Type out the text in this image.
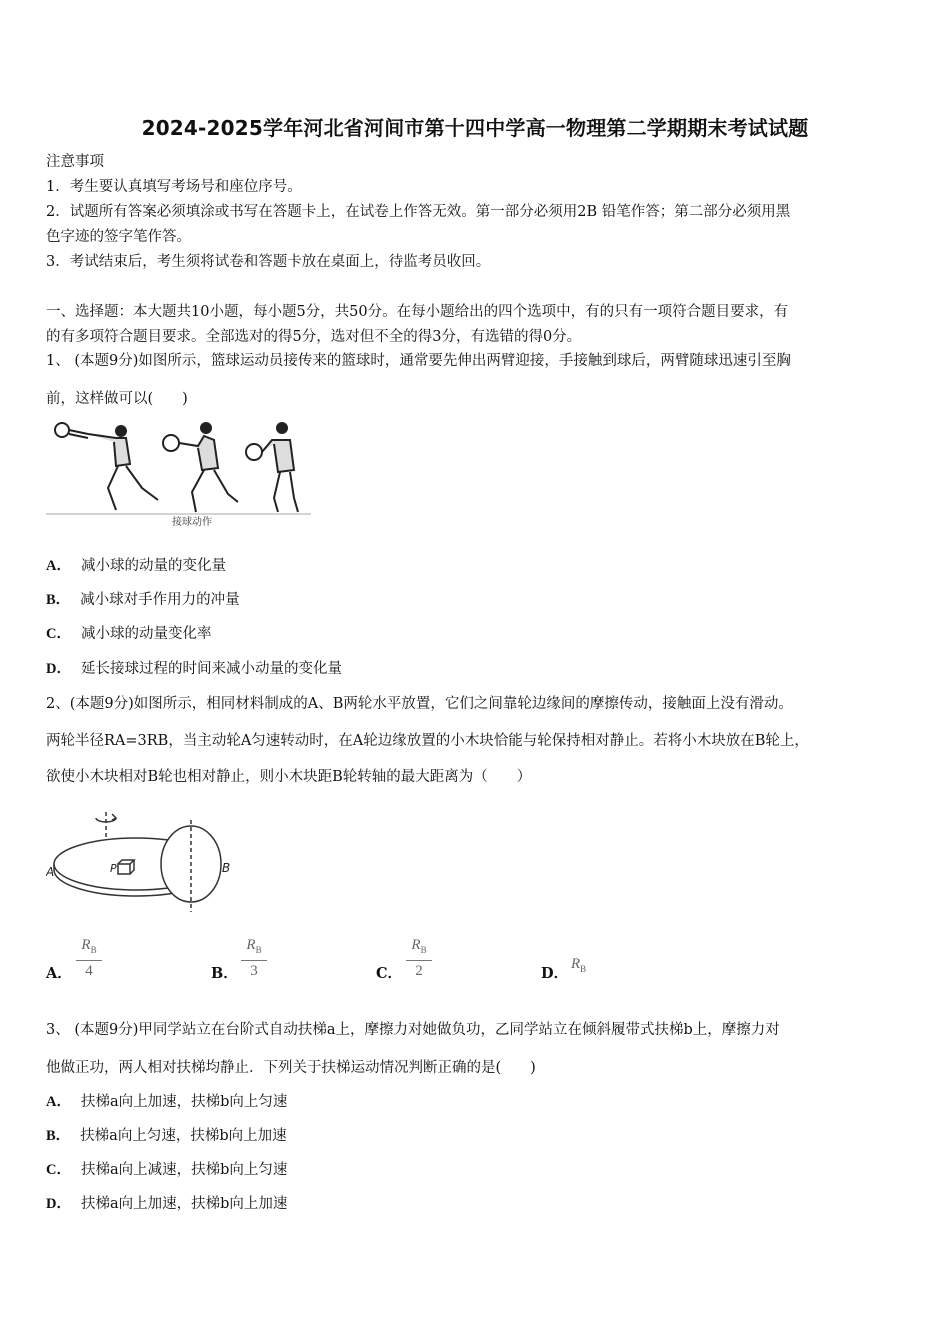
2024-2025学年河北省河间市第十四中学高一物理第二学期期末考试试题
注意事项
1．考生要认真填写考场号和座位序号。
2．试题所有答案必须填涂或书写在答题卡上，在试卷上作答无效。第一部分必须用2B 铅笔作答；第二部分必须用黑
色字迹的签字笔作答。
3．考试结束后，考生须将试卷和答题卡放在桌面上，待监考员收回。
一、选择题：本大题共10小题，每小题5分，共50分。在每小题给出的四个选项中，有的只有一项符合题目要求，有
的有多项符合题目要求。全部选对的得5分，选对但不全的得3分，有选错的得0分。
1、 (本题9分)如图所示，篮球运动员接传来的篮球时，通常要先伸出两臂迎接，手接触到球后，两臂随球迅速引至胸
前，这样做可以(　　)
接球动作
A． 减小球的动量的变化量
B． 减小球对手作用力的冲量
C． 减小球的动量变化率
D． 延长接球过程的时间来减小动量的变化量
2、(本题9分)如图所示，相同材料制成的A、B两轮水平放置，它们之间靠轮边缘间的摩擦传动，接触面上没有滑动。
两轮半径RA=3RB，当主动轮A匀速转动时，在A轮边缘放置的小木块恰能与轮保持相对静止。若将小木块放在B轮上，
欲使小木块相对B轮也相对静止，则小木块距B轮转轴的最大距离为（　　）
A	B
P
A．
$R_B$
4	B．
$R_B$
3	C．
$R_B$
2	D．
$R_B$
3、 (本题9分)甲同学站立在台阶式自动扶梯a上，摩擦力对她做负功，乙同学站立在倾斜履带式扶梯b上，摩擦力对
他做正功，两人相对扶梯均静止．下列关于扶梯运动情况判断正确的是(　　)
A． 扶梯a向上加速，扶梯b向上匀速
B． 扶梯a向上匀速，扶梯b向上加速
C． 扶梯a向上减速，扶梯b向上匀速
D． 扶梯a向上加速，扶梯b向上加速
